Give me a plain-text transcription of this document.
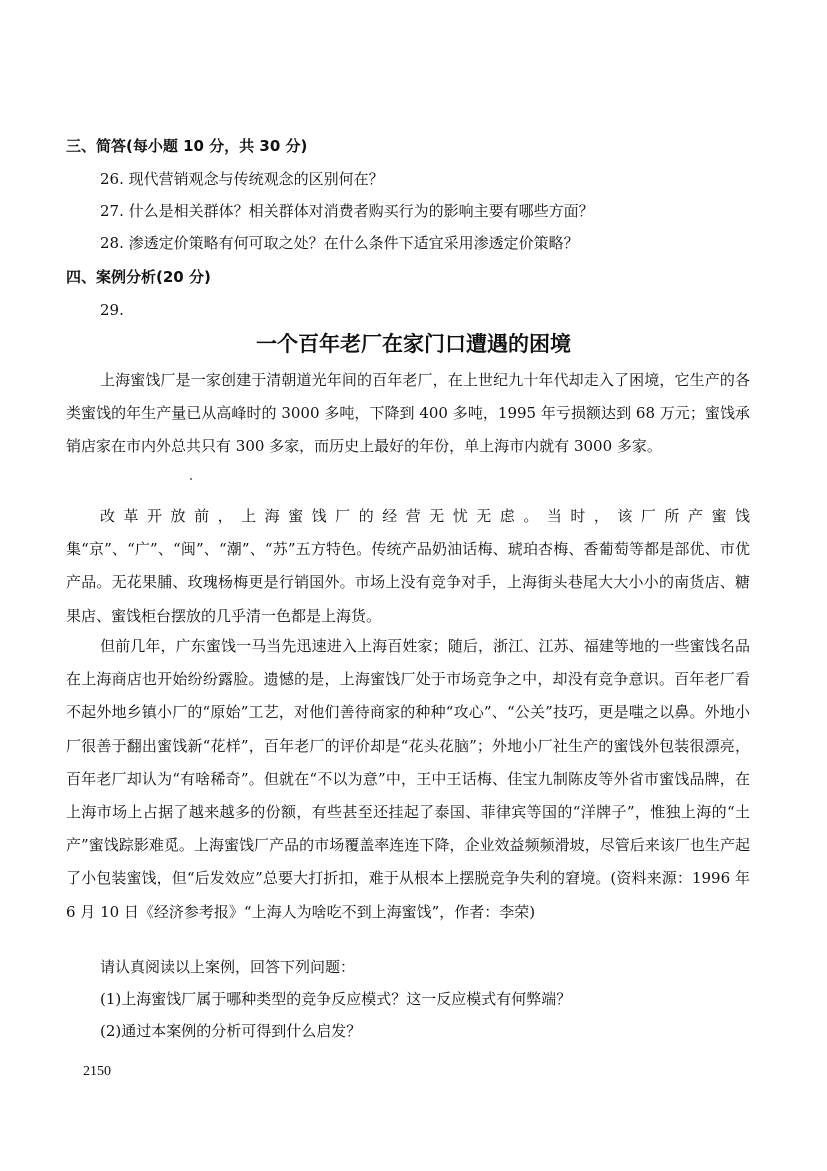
三、简答(每小题 10 分，共 30 分)
26. 现代营销观念与传统观念的区别何在？
27. 什么是相关群体？相关群体对消费者购买行为的影响主要有哪些方面？
28. 渗透定价策略有何可取之处？在什么条件下适宜采用渗透定价策略？
四、案例分析(20 分)
29.
一个百年老厂在家门口遭遇的困境
上海蜜饯厂是一家创建于清朝道光年间的百年老厂，在上世纪九十年代却走入了困境，它生产的各类蜜饯的年生产量已从高峰时的 3000 多吨，下降到 400 多吨，1995 年亏损额达到 68 万元；蜜饯承销店家在市内外总共只有 300 多家，而历史上最好的年份，单上海市内就有 3000 多家。
改革开放前，上海蜜饯厂的经营无忧无虑。当时，该厂所产蜜饯集“京”、“广”、“闽”、“潮”、“苏”五方特色。传统产品奶油话梅、琥珀杏梅、香葡萄等都是部优、市优产品。无花果脯、玫瑰杨梅更是行销国外。市场上没有竞争对手，上海街头巷尾大大小小的南货店、糖果店、蜜饯柜台摆放的几乎清一色都是上海货。
但前几年，广东蜜饯一马当先迅速进入上海百姓家；随后，浙江、江苏、福建等地的一些蜜饯名品在上海商店也开始纷纷露脸。遗憾的是，上海蜜饯厂处于市场竞争之中，却没有竞争意识。百年老厂看不起外地乡镇小厂的“原始”工艺，对他们善待商家的种种“攻心”、“公关”技巧，更是嗤之以鼻。外地小厂很善于翻出蜜饯新“花样”，百年老厂的评价却是“花头花脑”；外地小厂社生产的蜜饯外包装很漂亮，百年老厂却认为“有啥稀奇”。但就在“不以为意”中，王中王话梅、佳宝九制陈皮等外省市蜜饯品牌，在上海市场上占据了越来越多的份额，有些甚至还挂起了泰国、菲律宾等国的“洋牌子”，惟独上海的“土产”蜜饯踪影难觅。上海蜜饯厂产品的市场覆盖率连连下降，企业效益频频滑坡，尽管后来该厂也生产起了小包装蜜饯，但“后发效应”总要大打折扣，难于从根本上摆脱竞争失利的窘境。(资料来源：1996 年 6 月 10 日《经济参考报》“上海人为啥吃不到上海蜜饯”，作者：李荣)
请认真阅读以上案例，回答下列问题：
(1)上海蜜饯厂属于哪种类型的竞争反应模式？这一反应模式有何弊端？
(2)通过本案例的分析可得到什么启发？
2150
